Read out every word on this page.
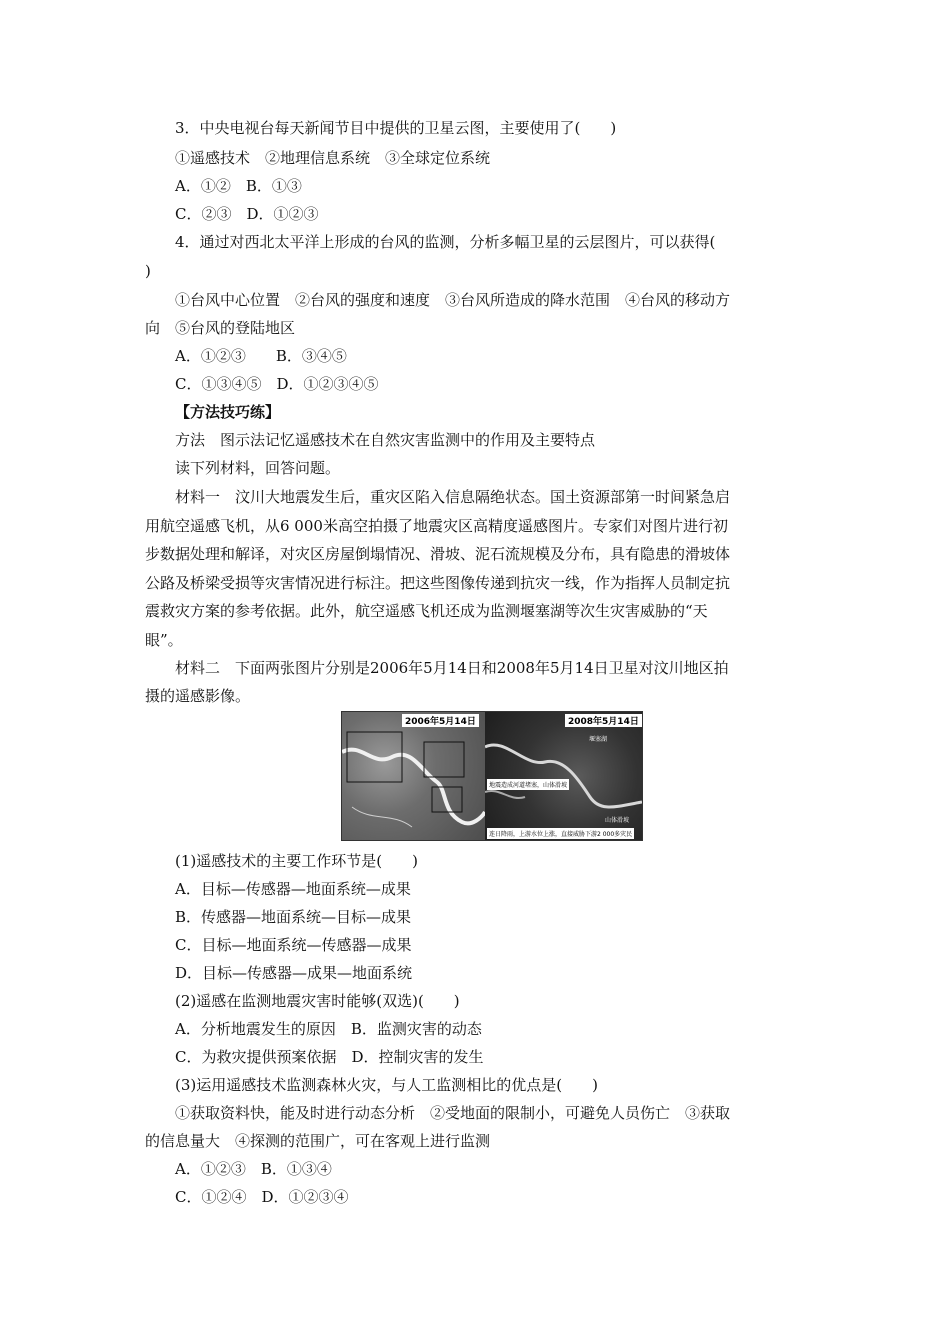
3．中央电视台每天新闻节目中提供的卫星云图，主要使用了(　　)
①遥感技术　②地理信息系统　③全球定位系统
A．①②　B．①③
C．②③　D．①②③
4．通过对西北太平洋上形成的台风的监测，分析多幅卫星的云层图片，可以获得(
)
①台风中心位置　②台风的强度和速度　③台风所造成的降水范围　④台风的移动方
向　⑤台风的登陆地区
A．①②③　　B．③④⑤
C．①③④⑤　D．①②③④⑤
【方法技巧练】
方法　图示法记忆遥感技术在自然灾害监测中的作用及主要特点
读下列材料，回答问题。
材料一　汶川大地震发生后，重灾区陷入信息隔绝状态。国土资源部第一时间紧急启
用航空遥感飞机，从6 000米高空拍摄了地震灾区高精度遥感图片。专家们对图片进行初
步数据处理和解译，对灾区房屋倒塌情况、滑坡、泥石流规模及分布，具有隐患的滑坡体
公路及桥梁受损等灾害情况进行标注。把这些图像传递到抗灾一线，作为指挥人员制定抗
震救灾方案的参考依据。此外，航空遥感飞机还成为监测堰塞湖等次生灾害威胁的“天
眼”。
材料二　下面两张图片分别是2006年5月14日和2008年5月14日卫星对汶川地区拍
摄的遥感影像。
2006年5月14日	2008年5月14日
堰塞湖
地震造成河道堵塞，山体滑坡
山体滑坡
连日降雨，上游水位上涨，直接威胁下游2 000多灾民
(1)遥感技术的主要工作环节是(　　)
A．目标—传感器—地面系统—成果
B．传感器—地面系统—目标—成果
C．目标—地面系统—传感器—成果
D．目标—传感器—成果—地面系统
(2)遥感在监测地震灾害时能够(双选)(　　)
A．分析地震发生的原因　B．监测灾害的动态
C．为救灾提供预案依据　D．控制灾害的发生
(3)运用遥感技术监测森林火灾，与人工监测相比的优点是(　　)
①获取资料快，能及时进行动态分析　②受地面的限制小，可避免人员伤亡　③获取
的信息量大　④探测的范围广，可在客观上进行监测
A．①②③　B．①③④
C．①②④　D．①②③④
